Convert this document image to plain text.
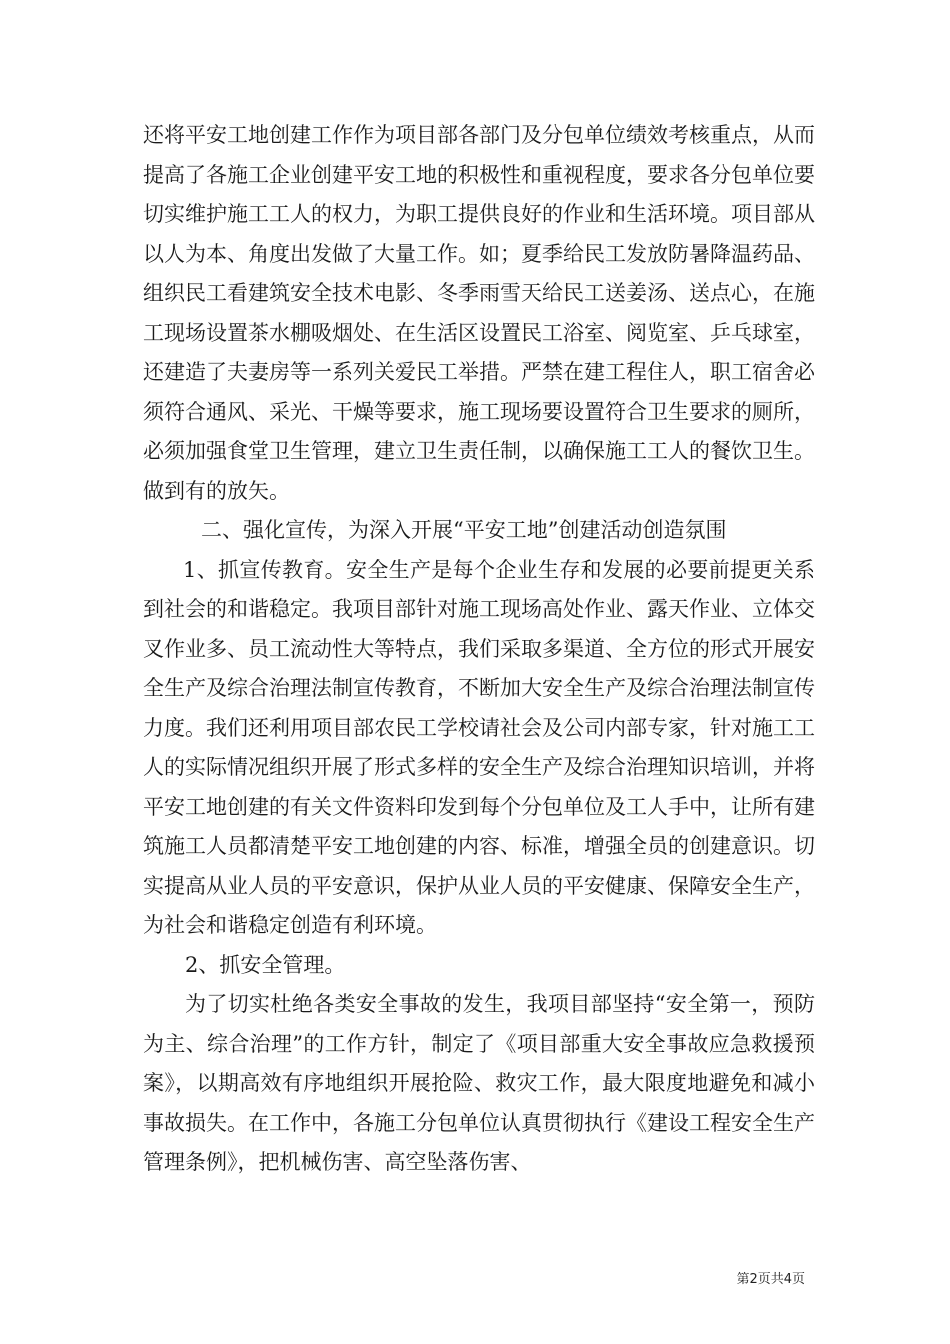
还将平安工地创建工作作为项目部各部门及分包单位绩效考核重点，从而提高了各施工企业创建平安工地的积极性和重视程度，要求各分包单位要切实维护施工工人的权力，为职工提供良好的作业和生活环境。项目部从以人为本、角度出发做了大量工作。如；夏季给民工发放防暑降温药品、组织民工看建筑安全技术电影、冬季雨雪天给民工送姜汤、送点心，在施工现场设置茶水棚吸烟处、在生活区设置民工浴室、阅览室、乒乓球室，还建造了夫妻房等一系列关爱民工举措。严禁在建工程住人，职工宿舍必须符合通风、采光、干燥等要求，施工现场要设置符合卫生要求的厕所，必须加强食堂卫生管理，建立卫生责任制，以确保施工工人的餐饮卫生。做到有的放矢。

二、强化宣传，为深入开展“平安工地”创建活动创造氛围

1、抓宣传教育。安全生产是每个企业生存和发展的必要前提更关系到社会的和谐稳定。我项目部针对施工现场高处作业、露天作业、立体交叉作业多、员工流动性大等特点，我们采取多渠道、全方位的形式开展安全生产及综合治理法制宣传教育，不断加大安全生产及综合治理法制宣传力度。我们还利用项目部农民工学校请社会及公司内部专家，针对施工工人的实际情况组织开展了形式多样的安全生产及综合治理知识培训，并将平安工地创建的有关文件资料印发到每个分包单位及工人手中，让所有建筑施工人员都清楚平安工地创建的内容、标准，增强全员的创建意识。切实提高从业人员的平安意识，保护从业人员的平安健康、保障安全生产，为社会和谐稳定创造有利环境。

2、抓安全管理。

为了切实杜绝各类安全事故的发生，我项目部坚持“安全第一，预防为主、综合治理”的工作方针，制定了《项目部重大安全事故应急救援预案》，以期高效有序地组织开展抢险、救灾工作，最大限度地避免和减小事故损失。在工作中，各施工分包单位认真贯彻执行《建设工程安全生产管理条例》，把机械伤害、高空坠落伤害、

第2页共4页
